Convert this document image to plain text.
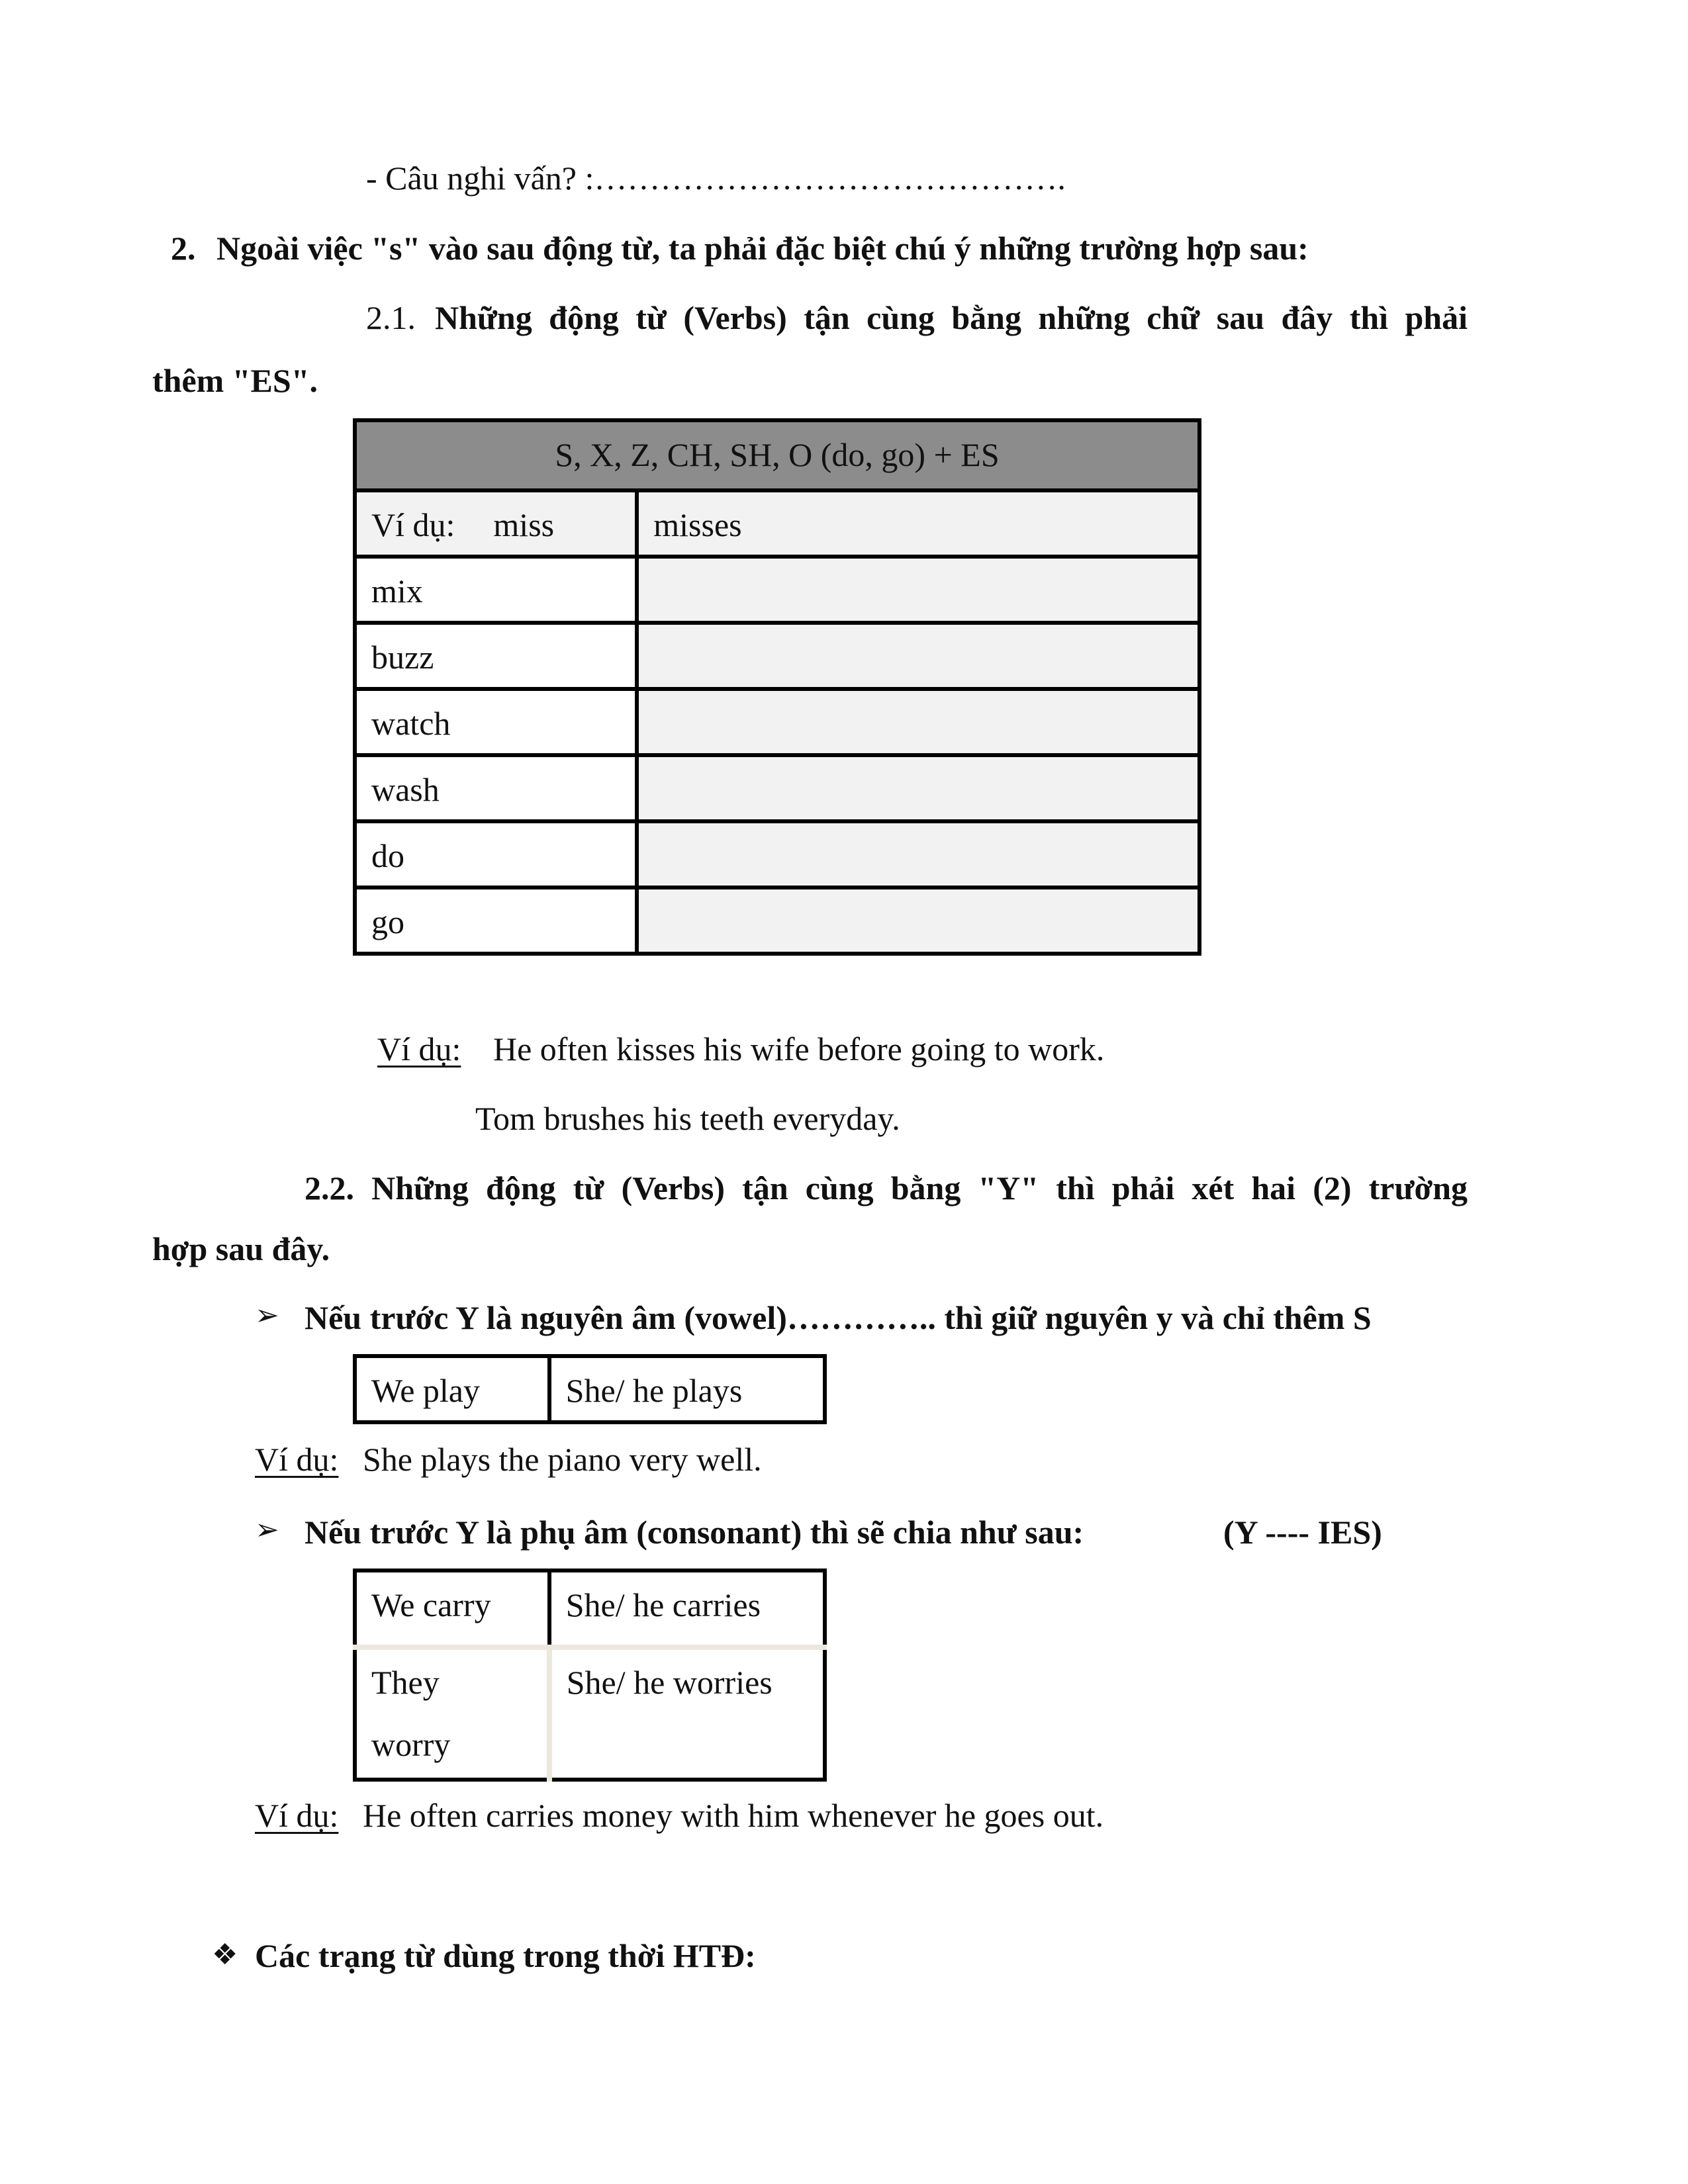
- Câu nghi vấn? :…………………………………….
2. Ngoài việc "s" vào sau động từ, ta phải đặc biệt chú ý những trường hợp sau:
2.1. Những động từ (Verbs) tận cùng bằng những chữ sau đây thì phải
thêm "ES".
S, X, Z, CH, SH, O (do, go) + ES	
Ví dụ: miss	misses
mix	
buzz	
watch	
wash	
do	
go	
Ví dụ: He often kisses his wife before going to work.
Tom brushes his teeth everyday.
2.2. Những động từ (Verbs) tận cùng bằng "Y" thì phải xét hai (2) trường
hợp sau đây.
➢ Nếu trước Y là nguyên âm (vowel)………….. thì giữ nguyên y và chỉ thêm S
We play	She/ he plays
Ví dụ: She plays the piano very well.
➢ Nếu trước Y là phụ âm (consonant) thì sẽ chia như sau:	(Y ---- IES)
We carry	She/ he carries

They
worry	She/ he worries
Ví dụ: He often carries money with him whenever he goes out.
❖ Các trạng từ dùng trong thời HTĐ:
